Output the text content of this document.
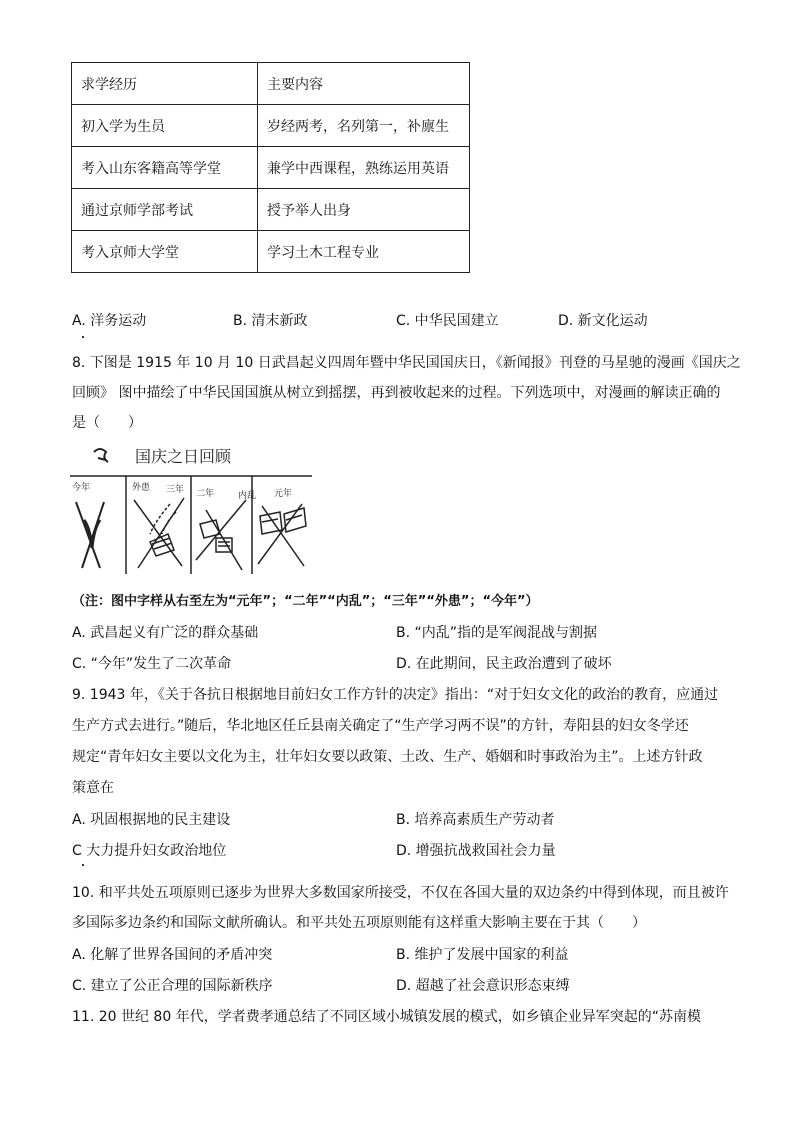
求学经历	主要内容
初入学为生员	岁经两考，名列第一，补廪生
考入山东客籍高等学堂	兼学中西课程，熟练运用英语
通过京师学部考试	授予举人出身
考入京师大学堂	学习土木工程专业
A. 洋务运动	B. 清末新政	C. 中华民国建立	D. 新文化运动
8. 下图是 1915 年 10 月 10 日武昌起义四周年暨中华民国国庆日，《新闻报》刊登的马星驰的漫画《国庆之
回顾》 图中描绘了中华民国国旗从树立到摇摆，再到被收起来的过程。下列选项中，对漫画的解读正确的
是（　　）
国庆之日回顾
今年	外患 三年 二年	内乱 元年
（注：图中字样从右至左为“元年”；“二年”“内乱”；“三年”“外患”；“今年”）
A. 武昌起义有广泛的群众基础	B. “内乱”指的是军阀混战与割据
C. “今年”发生了二次革命	D. 在此期间，民主政治遭到了破坏
9. 1943 年，《关于各抗日根据地目前妇女工作方针的决定》指出：“对于妇女文化的政治的教育，应通过
生产方式去进行。”随后，华北地区任丘县南关确定了“生产学习两不误”的方针，寿阳县的妇女冬学还
规定“青年妇女主要以文化为主，壮年妇女要以政策、土改、生产、婚姻和时事政治为主”。上述方针政
策意在
A. 巩固根据地的民主建设	B. 培养高素质生产劳动者
C 大力提升妇女政治地位	D. 增强抗战救国社会力量
10. 和平共处五项原则已逐步为世界大多数国家所接受，不仅在各国大量的双边条约中得到体现，而且被许
多国际多边条约和国际文献所确认。和平共处五项原则能有这样重大影响主要在于其（　　）
A. 化解了世界各国间的矛盾冲突	B. 维护了发展中国家的利益
C. 建立了公正合理的国际新秩序	D. 超越了社会意识形态束缚
11. 20 世纪 80 年代，学者费孝通总结了不同区域小城镇发展的模式，如乡镇企业异军突起的“苏南模
